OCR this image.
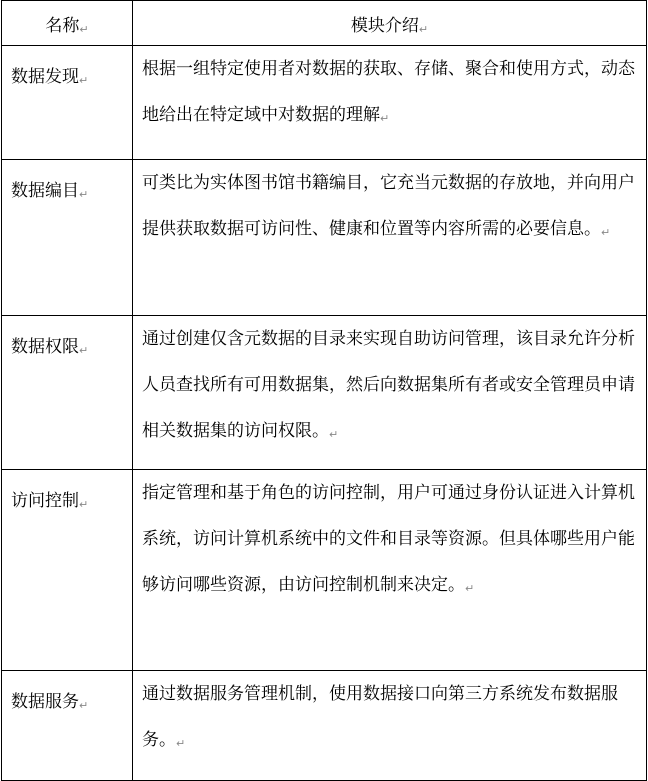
名称↵	模块介绍↵
数据发现↵	根据一组特定使用者对数据的获取、存储、聚合和使用方式，动态地给出在特定域中对数据的理解↵
数据编目↵	可类比为实体图书馆书籍编目，它充当元数据的存放地，并向用户提供获取数据可访问性、健康和位置等内容所需的必要信息。↵
数据权限↵	通过创建仅含元数据的目录来实现自助访问管理，该目录允许分析人员查找所有可用数据集，然后向数据集所有者或安全管理员申请相关数据集的访问权限。↵
访问控制↵	指定管理和基于角色的访问控制，用户可通过身份认证进入计算机系统，访问计算机系统中的文件和目录等资源。但具体哪些用户能够访问哪些资源，由访问控制机制来决定。↵
数据服务↵	通过数据服务管理机制，使用数据接口向第三方系统发布数据服务。↵
